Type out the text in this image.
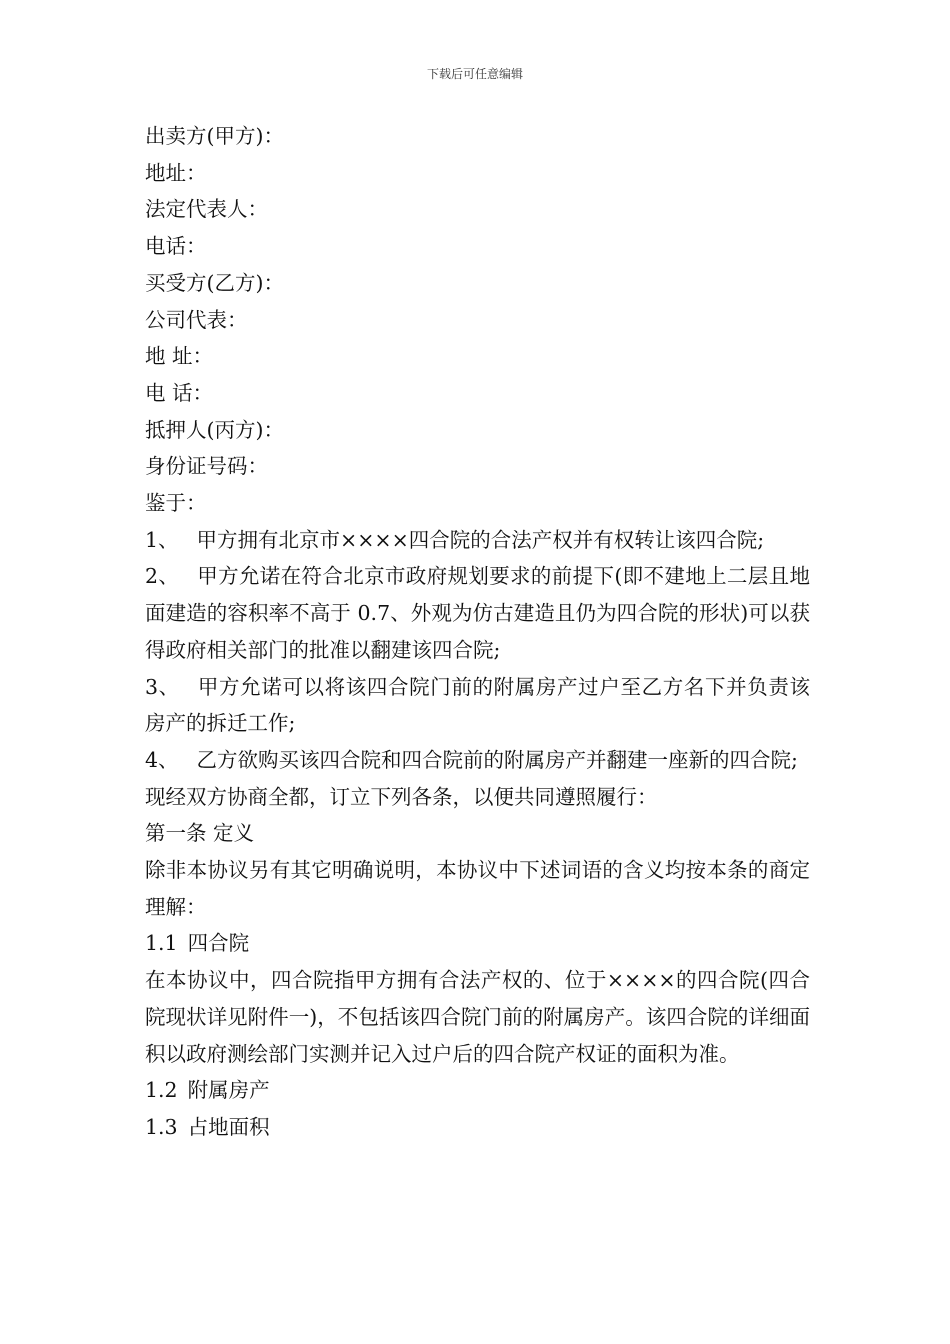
下载后可任意编辑
出卖方(甲方)：
地址：
法定代表人：
电话：
买受方(乙方)：
公司代表：
地 址：
电 话：
抵押人(丙方)：
身份证号码：
鉴于：

1、 甲方拥有北京市××××四合院的合法产权并有权转让该四合院;

2、 甲方允诺在符合北京市政府规划要求的前提下(即不建地上二层且地面建造的容积率不高于 0.7、外观为仿古建造且仍为四合院的形状)可以获得政府相关部门的批准以翻建该四合院;

3、 甲方允诺可以将该四合院门前的附属房产过户至乙方名下并负责该房产的拆迁工作;

4、 乙方欲购买该四合院和四合院前的附属房产并翻建一座新的四合院;

现经双方协商全都，订立下列各条，以便共同遵照履行：
第一条 定义

除非本协议另有其它明确说明，本协议中下述词语的含义均按本条的商定理解：

1.1 四合院

在本协议中，四合院指甲方拥有合法产权的、位于××××的四合院(四合院现状详见附件一)，不包括该四合院门前的附属房产。该四合院的详细面积以政府测绘部门实测并记入过户后的四合院产权证的面积为准。

1.2 附属房产
1.3 占地面积
